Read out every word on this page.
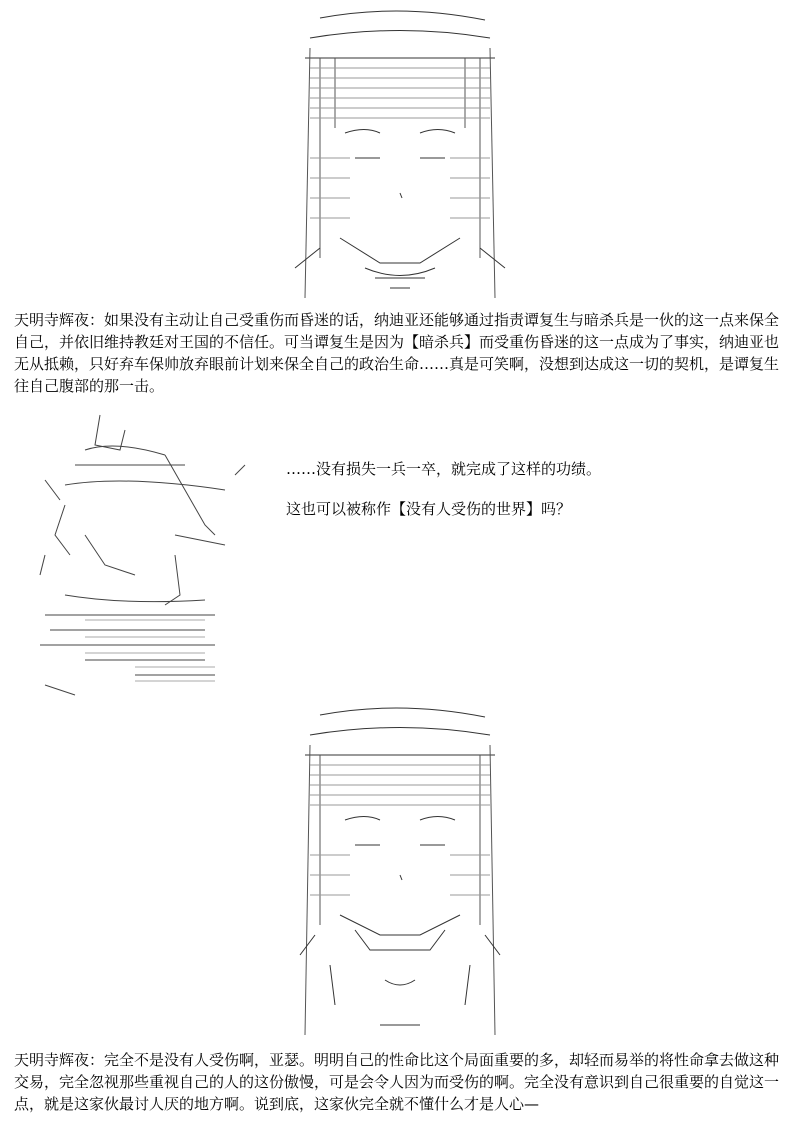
天明寺辉夜：如果没有主动让自己受重伤而昏迷的话，纳迪亚还能够通过指责谭复生与暗杀兵是一伙的这一点来保全自己，并依旧维持教廷对王国的不信任。可当谭复生是因为【暗杀兵】而受重伤昏迷的这一点成为了事实，纳迪亚也无从抵赖，只好弃车保帅放弃眼前计划来保全自己的政治生命……真是可笑啊，没想到达成这一切的契机，是谭复生往自己腹部的那一击。
……没有损失一兵一卒，就完成了这样的功绩。
这也可以被称作【没有人受伤的世界】吗？
天明寺辉夜：完全不是没有人受伤啊，亚瑟。明明自己的性命比这个局面重要的多，却轻而易举的将性命拿去做这种交易，完全忽视那些重视自己的人的这份傲慢，可是会令人因为而受伤的啊。完全没有意识到自己很重要的自觉这一点，就是这家伙最讨人厌的地方啊。说到底，这家伙完全就不懂什么才是人心—
